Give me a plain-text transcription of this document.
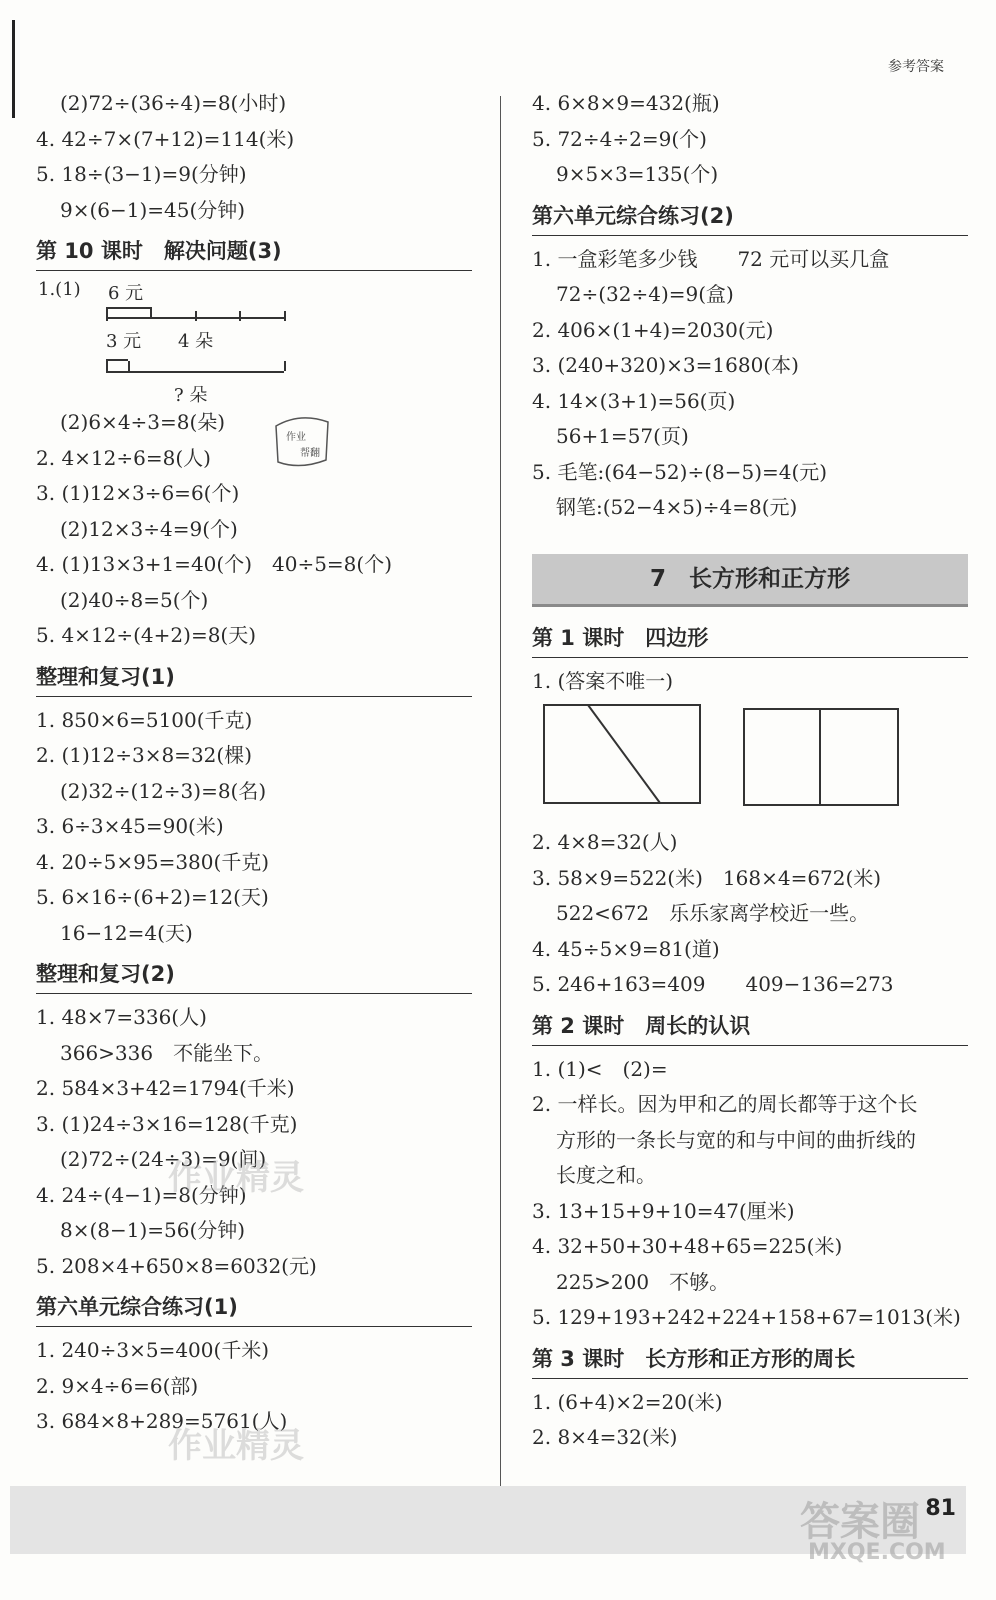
参考答案
(2)72÷(36÷4)=8(小时)
4. 42÷7×(7+12)=114(米)
5. 18÷(3−1)=9(分钟)
9×(6−1)=45(分钟)
第 10 课时　解决问题(3)
1.(1) 6 元
3 元 4 朵
? 朵
(2)6×4÷3=8(朵)
2. 4×12÷6=8(人)
3. (1)12×3÷6=6(个)
(2)12×3÷4=9(个)
4. (1)13×3+1=40(个)　40÷5=8(个)
(2)40÷8=5(个)
5. 4×12÷(4+2)=8(天)
整理和复习(1)
1. 850×6=5100(千克)
2. (1)12÷3×8=32(棵)
(2)32÷(12÷3)=8(名)
3. 6÷3×45=90(米)
4. 20÷5×95=380(千克)
5. 6×16÷(6+2)=12(天)
16−12=4(天)
整理和复习(2)
1. 48×7=336(人)
366>336　不能坐下。
2. 584×3+42=1794(千米)
3. (1)24÷3×16=128(千克)
(2)72÷(24÷3)=9(间)
4. 24÷(4−1)=8(分钟)
8×(8−1)=56(分钟)
5. 208×4+650×8=6032(元)
第六单元综合练习(1)
1. 240÷3×5=400(千米)
2. 9×4÷6=6(部)
3. 684×8+289=5761(人)
作业
帮翻
4. 6×8×9=432(瓶)
5. 72÷4÷2=9(个)
9×5×3=135(个)
第六单元综合练习(2)
1. 一盒彩笔多少钱　　72 元可以买几盒
72÷(32÷4)=9(盒)
2. 406×(1+4)=2030(元)
3. (240+320)×3=1680(本)
4. 14×(3+1)=56(页)
56+1=57(页)
5. 毛笔:(64−52)÷(8−5)=4(元)
钢笔:(52−4×5)÷4=8(元)
7　长方形和正方形
第 1 课时　四边形
1. (答案不唯一)
2. 4×8=32(人)
3. 58×9=522(米)　168×4=672(米)
522<672　乐乐家离学校近一些。
4. 45÷5×9=81(道)
5. 246+163=409　　409−136=273
第 2 课时　周长的认识
1. (1)<　(2)=
2. 一样长。因为甲和乙的周长都等于这个长
方形的一条长与宽的和与中间的曲折线的
长度之和。
3. 13+15+9+10=47(厘米)
4. 32+50+30+48+65=225(米)
225>200　不够。
5. 129+193+242+224+158+67=1013(米)
第 3 课时　长方形和正方形的周长
1. (6+4)×2=20(米)
2. 8×4=32(米)
作业精灵
作业精灵
81
答案圈
MXQE.COM
